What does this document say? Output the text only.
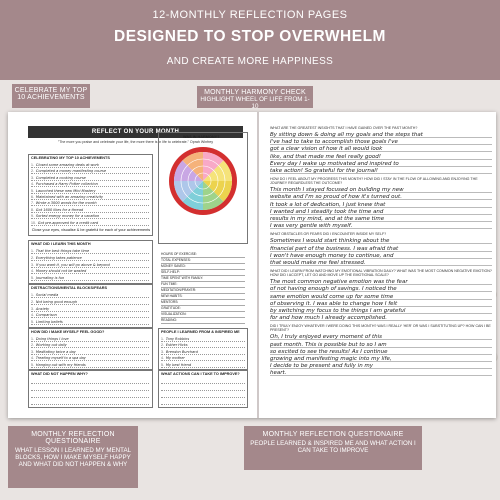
12-MONTHLY REFLECTION PAGES
DESIGNED TO STOP OVERWHELM
AND CREATE MORE HAPPINESS
REFLECT ON YOUR MONTH
"The more you praise and celebrate your life, the more there is in life to celebrate." Oprah Winfrey
CELEBRATING MY TOP 10 ACHIEVEMENTS
1. Closed some amazing deals at work
2. Completed a money manifesting course
3. Completed a cooking course
4. Purchased a Harry Potter collection
5. Launched these new Mini Mastery
6. Maintained with an amazing creativity
7. Wrote a 3000 words for the month
8. Got 1600 likes for a thread
9. Sorted energy money for a vacation
10. Got pre-approved for a credit card
Close your eyes, visualise & be grateful for each of your achievements
WHAT DID I LEARN THIS MONTH
1. That the best things take time
2. Everything takes patience
3. If you want it, you will go above & beyond
4. Money should not be wasted
5. Journaling is fun
DISTRACTIONS/MENTAL BLOCKS/FEARS
1. Social media
2. Not being good enough
3. Anxiety
4. Comparison
5. Limiting beliefs
HOW DID I MAKE MYSELF FEEL GOOD?
1. Doing things I love
2. Working out daily
3. Meditating twice a day
4. Treating myself to a spa day
5. Hanging out with my friends
WHAT DID NOT HAPPEN WHY?
WAS IN HARMONY?
HOURS OF EXERCISE:
TOTAL EXPENSES:
MONEY SAVED:
SELF-HELP:
TIME SPENT WITH FAMILY:
FUN TIME:
MEDITATION/PRAYER:
NEW HABITS:
MENTORS:
GRATITUDE:
VISUALIZATION:
READING:
PEOPLE I LEARNED FROM & INSPIRED ME
1. Tony Robbins
2. Esther Hicks
3. Brendon Burchard
4. My mother
5. My best friend
WHAT ACTIONS CAN I TAKE TO IMPROVE?
WHAT ARE THE GREATEST INSIGHTS THAT I HAVE GAINED OVER THE PAST MONTH?
By sitting down & doing all my goals and the steps that
I've had to take to accomplish those goals I've
got a clear vision of how it all would look
like, and that made me feel really good!
Every day I wake up motivated and inspired to
take action! So grateful for the journal!
HOW DO I FEEL ABOUT MY PROGRESS THIS MONTH? HOW DID I STAY IN THE FLOW OF ALLOWING AND ENJOYING THE JOURNEY REGARDLESS THE OUTCOME?
This month I stayed focused on building my new
website and I'm so proud of how it's turned out.
It took a lot of dedication, I just knew that
I wanted and I steadily took the time and
results in my mind, and at the same time
I was very gentle with myself.
WHAT OBSTACLES OR FEARS DID I ENCOUNTER INSIDE MY SELF?
Sometimes I would start thinking about the
financial part of the business. I was afraid that
I won't have enough money to continue, and
that would make me feel stressed.
WHAT DID I LEARN FROM WATCHING MY EMOTIONAL VIBRATION DAILY? WHAT WAS THE MOST COMMON NEGATIVE EMOTION? HOW DID I ACCEPT, LET GO AND MOVE UP THE EMOTIONAL SCALE?
The most common negative emotion was the fear
of not having enough of savings. I noticed the
same emotion would come up for some time
of observing it. I was able to change how I felt
by switching my focus to the things I am grateful
for and how much I already accomplished.
DID I TRULY ENJOY WHATEVER I WERE DOING THIS MONTH? WAS I REALLY 'HER' OR WAS I SUBSTITUTING UP? HOW CAN I BE PRESENT?
Oh, I truly enjoyed every moment of this
past month. This is possible but to so I am
so excited to see the results! As I continue
growing and manifesting magic into my life,
I decide to be present and fully in my
heart.
CELEBRATE MY TOP
10 ACHIEVEMENTS
MONTHLY HARMONY CHECK
HIGHLIGHT WHEEL OF LIFE FROM 1-10
MONTHLY REFLECTION QUESTIONAIRE
WHAT LESSON I LEARNED MY MENTAL BLOCKS, HOW I MAKE MYSELF HAPPY AND WHAT DID NOT HAPPEN & WHY
MONTHLY REFLECTION QUESTIONAIRE
PEOPLE LEARNED & INSPIRED ME AND WHAT ACTION I CAN TAKE TO IMPROVE
